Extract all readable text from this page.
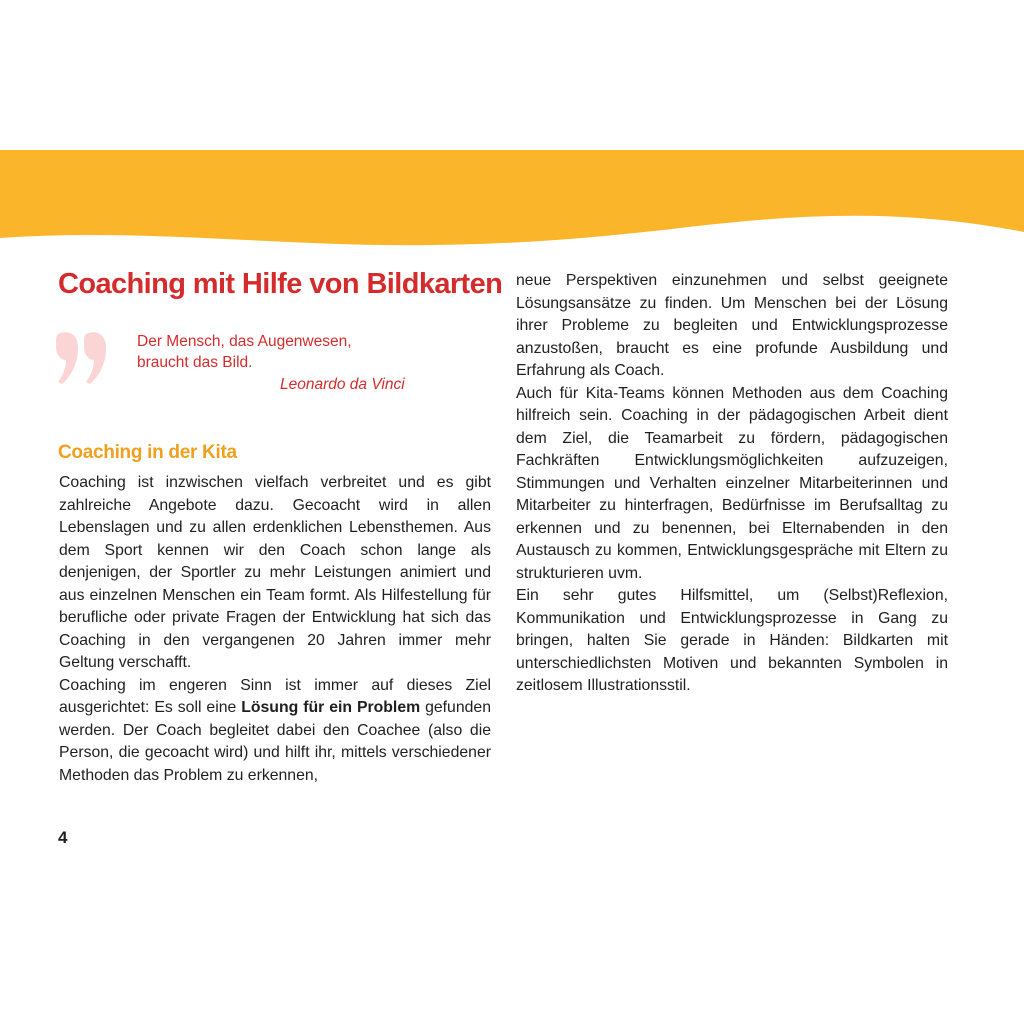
Coaching mit Hilfe von Bildkarten
Der Mensch, das Augenwesen,
braucht das Bild.
Leonardo da Vinci
Coaching in der Kita

Coaching ist inzwischen vielfach verbreitet und es gibt zahlreiche Angebote dazu. Gecoacht wird in allen Lebenslagen und zu allen erdenklichen Lebensthemen. Aus dem Sport kennen wir den Coach schon lange als denjenigen, der Sportler zu mehr Leistungen animiert und aus einzelnen Menschen ein Team formt. Als Hilfestellung für berufliche oder private Fragen der Entwicklung hat sich das Coaching in den vergangenen 20 Jahren immer mehr Geltung verschafft.

Coaching im engeren Sinn ist immer auf dieses Ziel ausgerichtet: Es soll eine Lösung für ein Problem gefunden werden. Der Coach begleitet dabei den Coachee (also die Person, die gecoacht wird) und hilft ihr, mittels verschiedener Methoden das Problem zu erkennen,

neue Perspektiven einzunehmen und selbst geeignete Lösungsansätze zu finden. Um Menschen bei der Lösung ihrer Probleme zu begleiten und Entwicklungsprozesse anzustoßen, braucht es eine profunde Ausbildung und Erfahrung als Coach.

Auch für Kita-Teams können Methoden aus dem Coaching hilfreich sein. Coaching in der pädagogischen Arbeit dient dem Ziel, die Teamarbeit zu fördern, pädagogischen Fachkräften Entwicklungsmöglichkeiten aufzuzeigen, Stimmungen und Verhalten einzelner Mitarbeiterinnen und Mitarbeiter zu hinterfragen, Bedürfnisse im Berufsalltag zu erkennen und zu benennen, bei Elternabenden in den Austausch zu kommen, Entwicklungsgespräche mit Eltern zu strukturieren uvm.

Ein sehr gutes Hilfsmittel, um (Selbst)Reflexion, Kommunikation und Entwicklungsprozesse in Gang zu bringen, halten Sie gerade in Händen: Bildkarten mit unterschiedlichsten Motiven und bekannten Symbolen in zeitlosem Illustrationsstil.

4
